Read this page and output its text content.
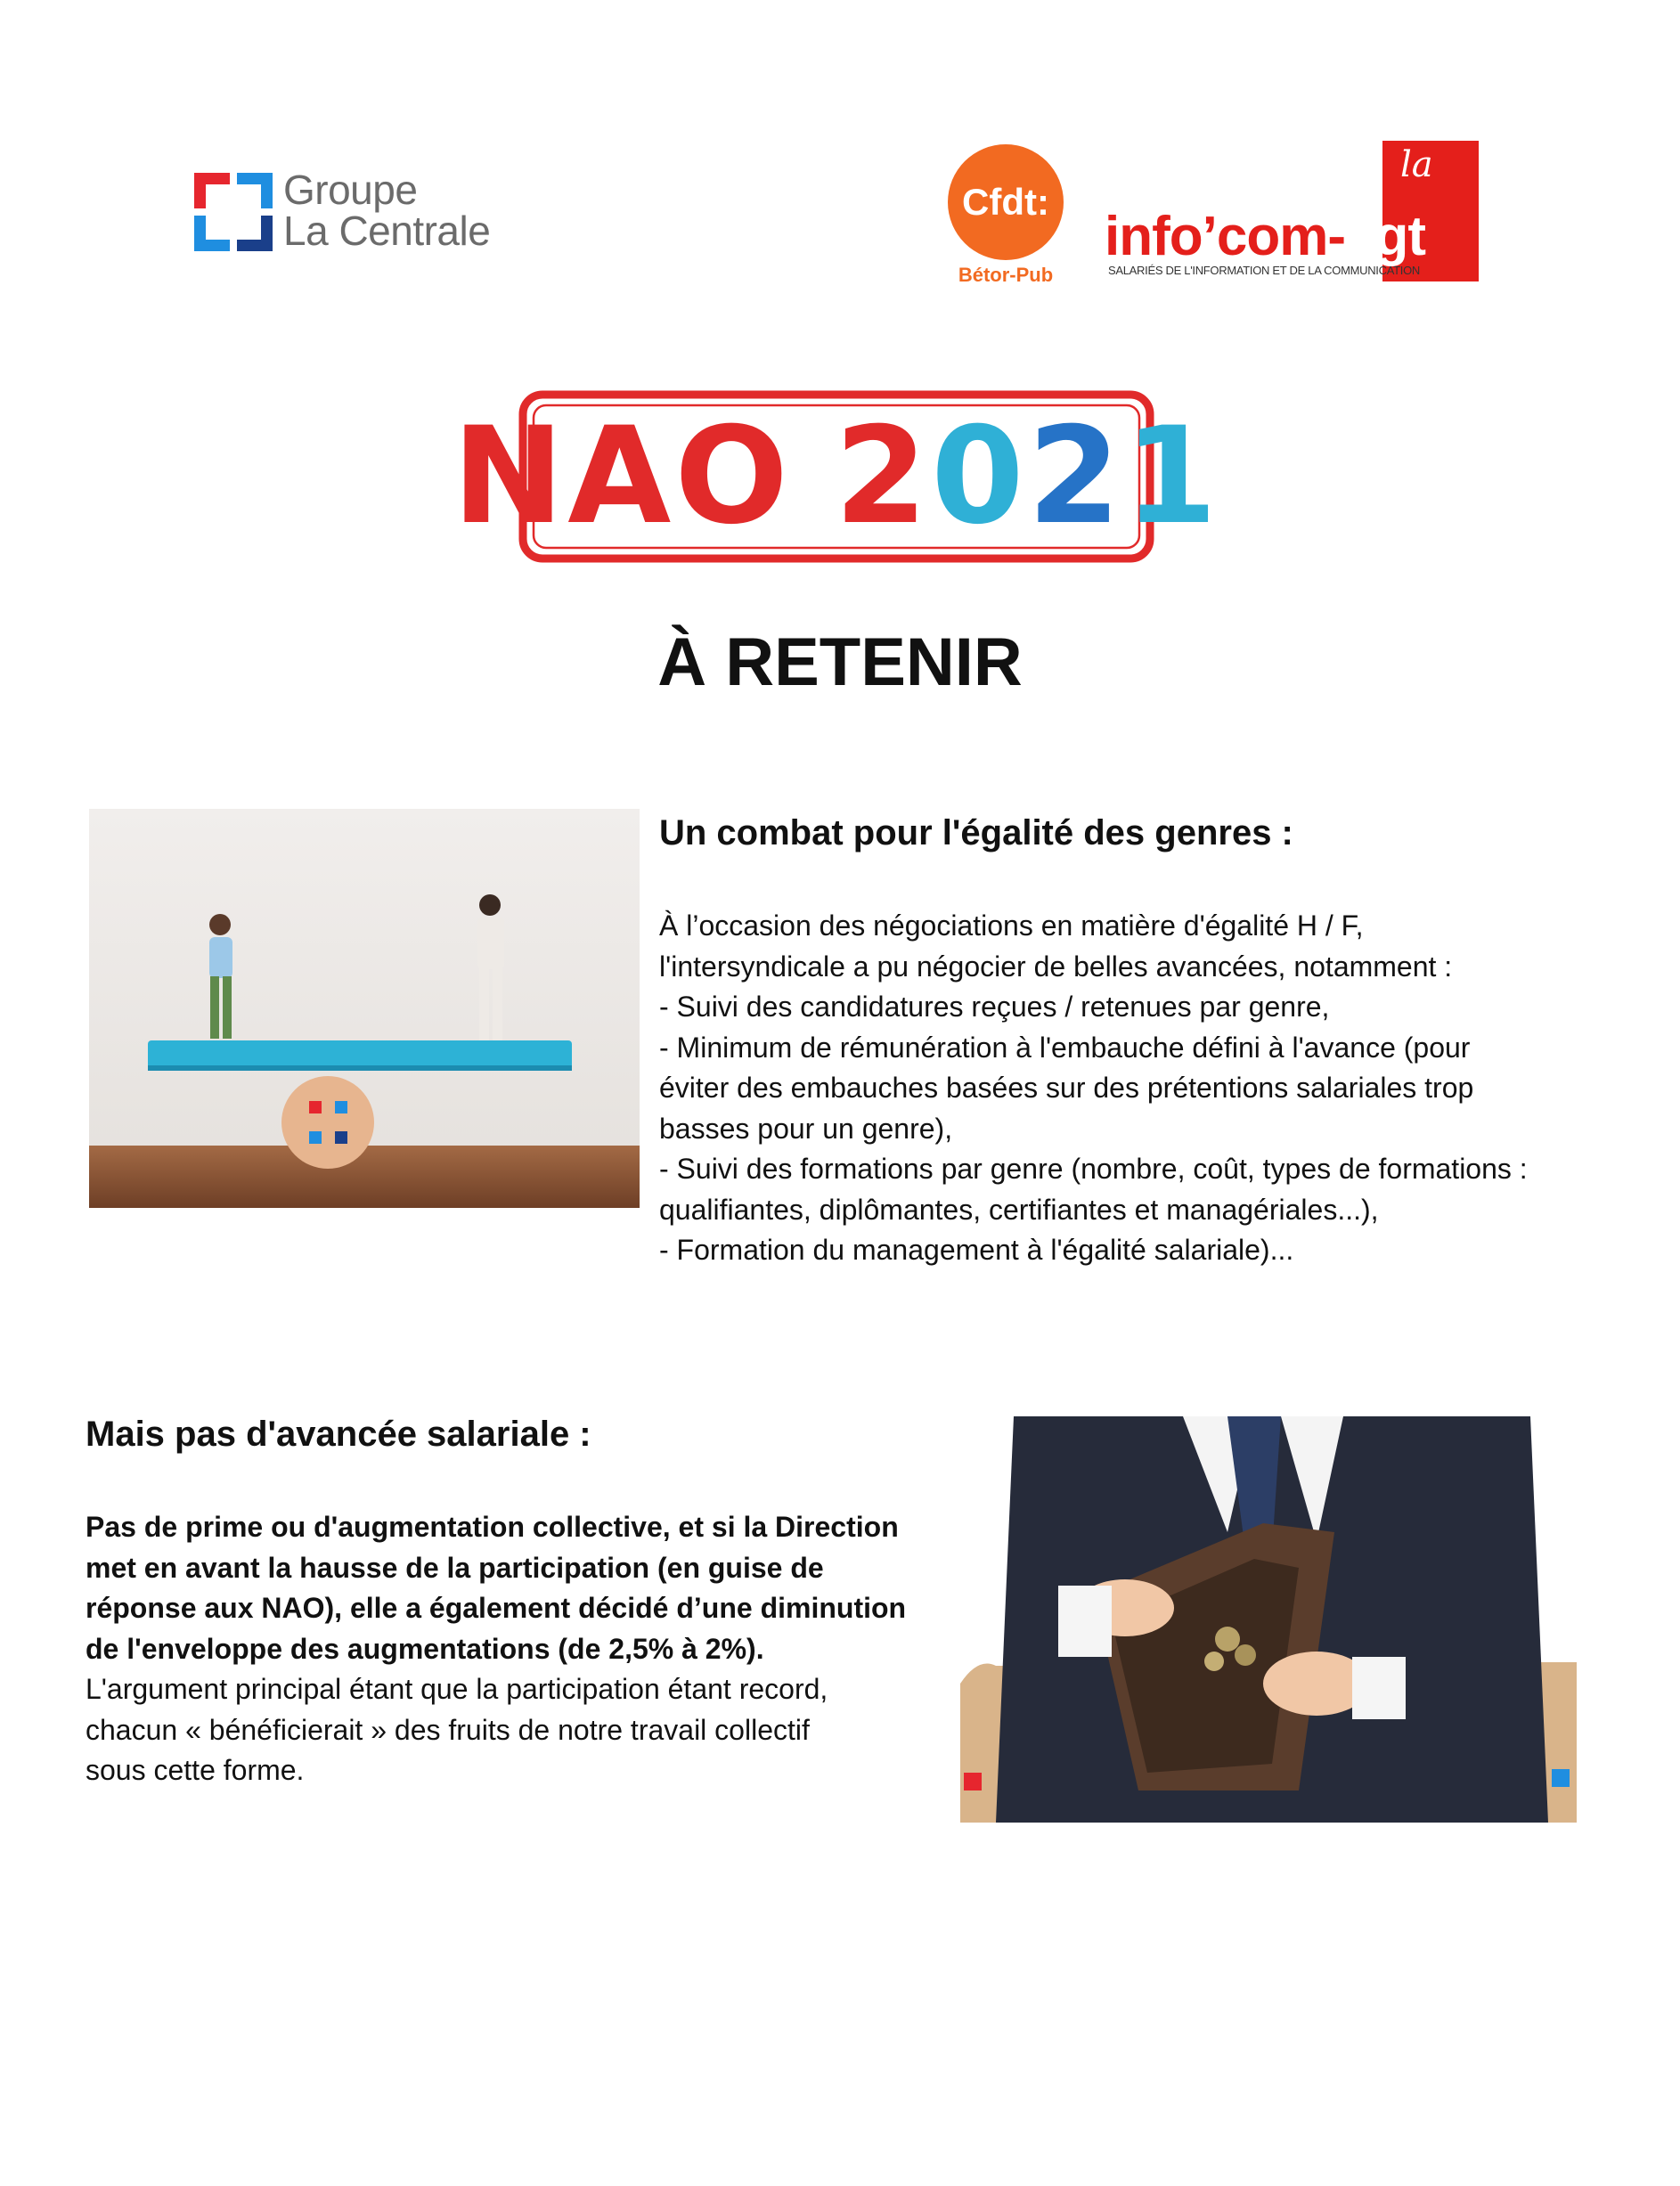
Groupe
La Centrale
Cfdt:
Bétor-Pub
la
info’com-cgt
SALARIÉS DE L'INFORMATION ET DE LA COMMUNICATION
NAO 2 0 2 1
À RETENIR
Un combat pour l'égalité des genres :

À l’occasion des négociations en matière d'égalité H / F,
l'intersyndicale a pu négocier de belles avancées, notamment :
- Suivi des candidatures reçues / retenues par genre,
- Minimum de rémunération à l'embauche défini à l'avance (pour
éviter des embauches basées sur des prétentions salariales trop
basses pour un genre),
- Suivi des formations par genre (nombre, coût, types de formations :
qualifiantes, diplômantes, certifiantes et managériales...),
- Formation du management à l'égalité salariale)...

Mais pas d'avancée salariale :

Pas de prime ou d'augmentation collective, et si la Direction
met en avant la hausse de la participation (en guise de
réponse aux NAO), elle a également décidé d’une diminution
de l'enveloppe des augmentations (de 2,5% à 2%).
L'argument principal étant que la participation étant record,
chacun « bénéficierait » des fruits de notre travail collectif
sous cette forme.
